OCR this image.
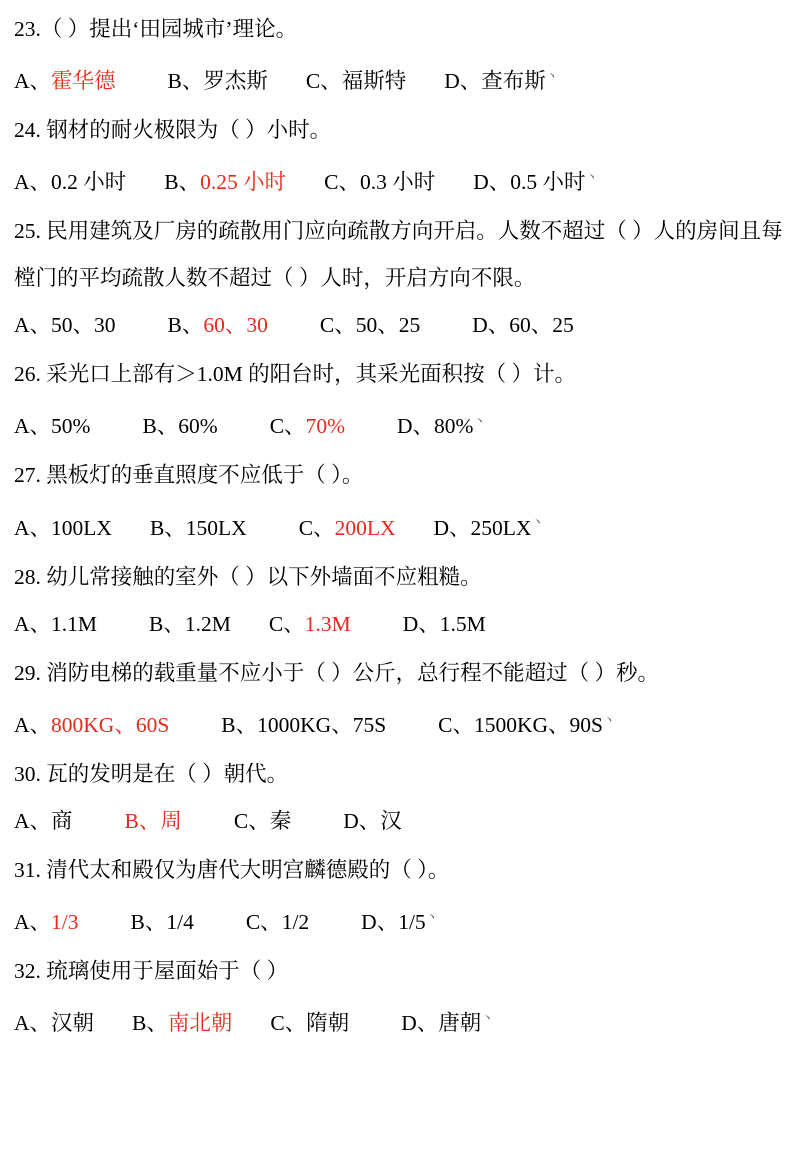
23.（ ）提出‘田园城市’理论。
A、霍华德 B、罗杰斯 C、福斯特 D、查布斯$^丶$
24. 钢材的耐火极限为（ ）小时。
A、0.2 小时 B、0.25 小时 C、0.3 小时 D、0.5 小时$^丶$
25. 民用建筑及厂房的疏散用门应向疏散方向开启。人数不超过（ ）人的房间且每樘门的平均疏散人数不超过（ ）人时，开启方向不限。
A、50、30 B、60、30 C、50、25 D、60、25
26. 采光口上部有＞1.0M 的阳台时，其采光面积按（ ）计。
A、50% B、60% C、70% D、80%$^丶$
27. 黑板灯的垂直照度不应低于（ ）。
A、100LX B、150LX C、200LX D、$250LX^丶$
28. 幼儿常接触的室外（ ）以下外墙面不应粗糙。
A、1.1M B、1.2M C、1.3M D、1.5M
29. 消防电梯的载重量不应小于（ ）公斤，总行程不能超过（ ）秒。
A、800KG、60S B、1000KG、75S C、1500KG、$90S^丶$
30. 瓦的发明是在（ ）朝代。
A、商 B、周 C、秦 D、汉
31. 清代太和殿仅为唐代大明宫麟德殿的（ ）。
A、1/3 B、1/4 C、1/2 D、$1/5^丶$
32. 琉璃使用于屋面始于（ ）
A、汉朝 B、南北朝 C、隋朝 D、唐朝$^丶$
